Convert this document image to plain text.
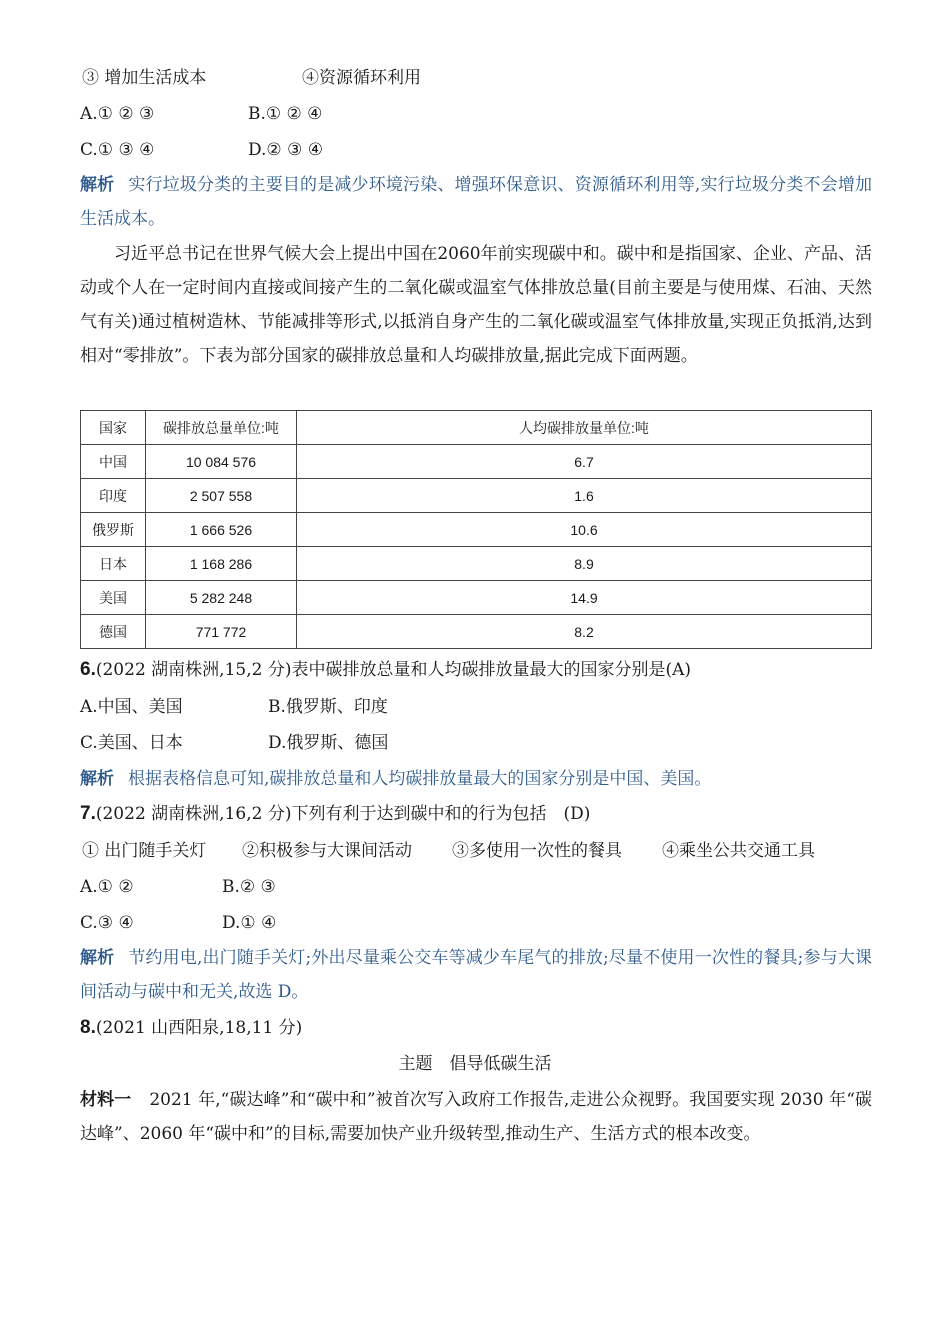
③ 增加生活成本	④资源循环利用
A.① ② ③	B.① ② ④
C.① ③ ④	D.② ③ ④

解析 实行垃圾分类的主要目的是减少环境污染、增强环保意识、资源循环利用等,实行垃圾分类不会增加生活成本。

习近平总书记在世界气候大会上提出中国在2060年前实现碳中和。碳中和是指国家、企业、产品、活动或个人在一定时间内直接或间接产生的二氧化碳或温室气体排放总量(目前主要是与使用煤、石油、天然气有关)通过植树造林、节能减排等形式,以抵消自身产生的二氧化碳或温室气体排放量,实现正负抵消,达到相对“零排放”。下表为部分国家的碳排放总量和人均碳排放量,据此完成下面两题。

国家	碳排放总量单位:吨	人均碳排放量单位:吨
中国	10 084 576	6.7
印度	2 507 558	1.6
俄罗斯	1 666 526	10.6
日本	1 168 286	8.9
美国	5 282 248	14.9
德国	771 772	8.2
6.(2022 湖南株洲,15,2 分)表中碳排放总量和人均碳排放量最大的国家分别是(A)
A.中国、美国	B.俄罗斯、印度
C.美国、日本	D.俄罗斯、德国
解析 根据表格信息可知,碳排放总量和人均碳排放量最大的国家分别是中国、美国。
7.(2022 湖南株洲,16,2 分)下列有利于达到碳中和的行为包括　(D)
① 出门随手关灯 ②积极参与大课间活动 ③多使用一次性的餐具 ④乘坐公共交通工具
A.① ②	B.② ③
C.③ ④	D.① ④

解析 节约用电,出门随手关灯;外出尽量乘公交车等减少车尾气的排放;尽量不使用一次性的餐具;参与大课间活动与碳中和无关,故选 D。

8.(2021 山西阳泉,18,11 分)
主题　倡导低碳生活

材料一 2021 年,“碳达峰”和“碳中和”被首次写入政府工作报告,走进公众视野。我国要实现 2030 年“碳达峰”、2060 年“碳中和”的目标,需要加快产业升级转型,推动生产、生活方式的根本改变。
